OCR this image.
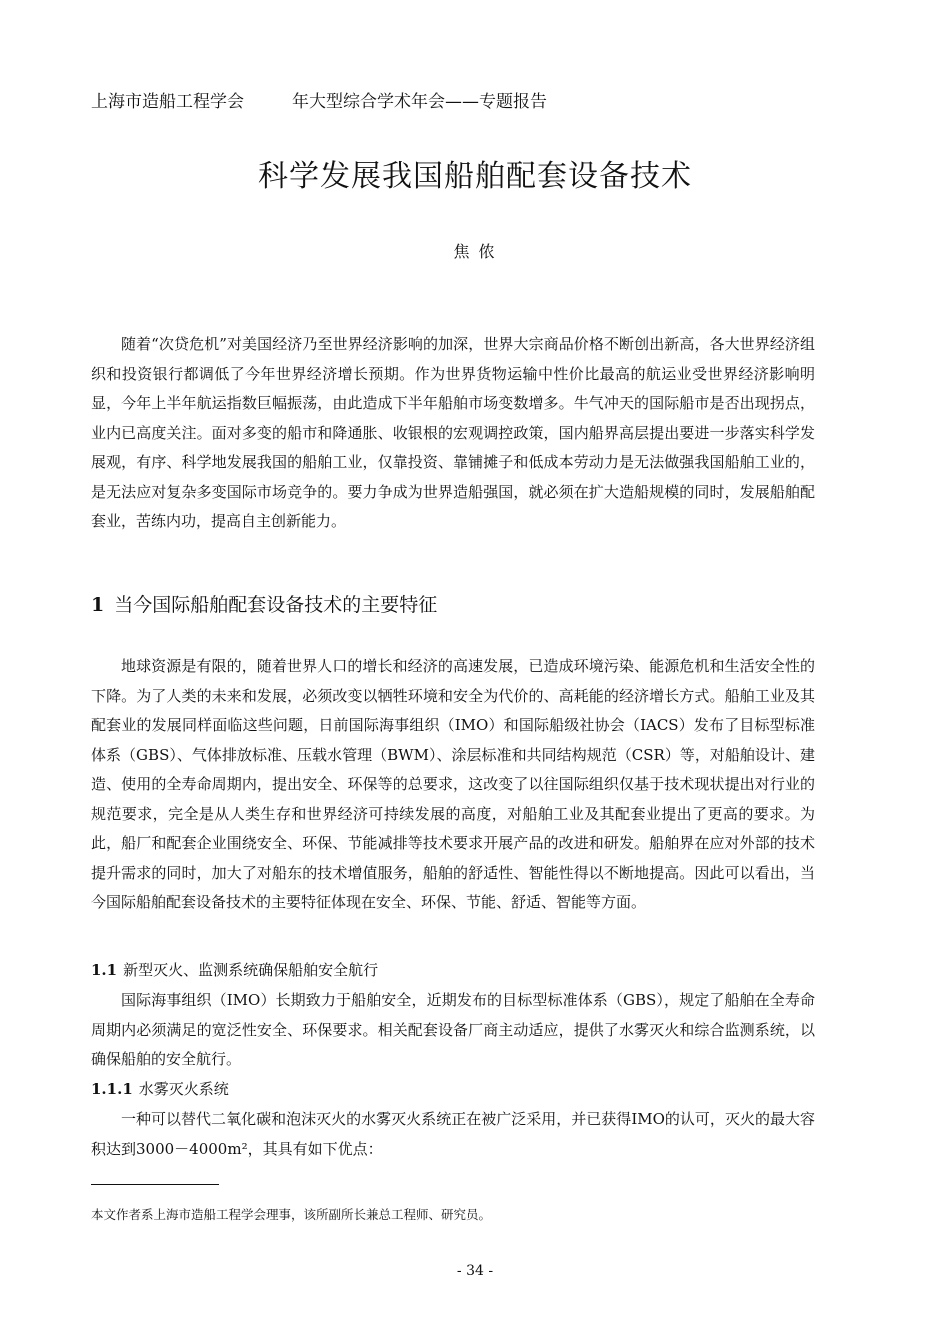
上海市造船工程学会	年大型综合学术年会——专题报告
科学发展我国船舶配套设备技术
焦 侬

随着“次贷危机”对美国经济乃至世界经济影响的加深，世界大宗商品价格不断创出新高，各大世界经济组织和投资银行都调低了今年世界经济增长预期。作为世界货物运输中性价比最高的航运业受世界经济影响明显，今年上半年航运指数巨幅振荡，由此造成下半年船舶市场变数增多。牛气冲天的国际船市是否出现拐点，业内已高度关注。面对多变的船市和降通胀、收银根的宏观调控政策，国内船界高层提出要进一步落实科学发展观，有序、科学地发展我国的船舶工业，仅靠投资、靠铺摊子和低成本劳动力是无法做强我国船舶工业的，是无法应对复杂多变国际市场竞争的。要力争成为世界造船强国，就必须在扩大造船规模的同时，发展船舶配套业，苦练内功，提高自主创新能力。

1 当今国际船舶配套设备技术的主要特征

地球资源是有限的，随着世界人口的增长和经济的高速发展，已造成环境污染、能源危机和生活安全性的下降。为了人类的未来和发展，必须改变以牺牲环境和安全为代价的、高耗能的经济增长方式。船舶工业及其配套业的发展同样面临这些问题，日前国际海事组织（IMO）和国际船级社协会（IACS）发布了目标型标准体系（GBS）、气体排放标准、压载水管理（BWM）、涂层标准和共同结构规范（CSR）等，对船舶设计、建造、使用的全寿命周期内，提出安全、环保等的总要求，这改变了以往国际组织仅基于技术现状提出对行业的规范要求，完全是从人类生存和世界经济可持续发展的高度，对船舶工业及其配套业提出了更高的要求。为此，船厂和配套企业围绕安全、环保、节能减排等技术要求开展产品的改进和研发。船舶界在应对外部的技术提升需求的同时，加大了对船东的技术增值服务，船舶的舒适性、智能性得以不断地提高。因此可以看出，当今国际船舶配套设备技术的主要特征体现在安全、环保、节能、舒适、智能等方面。

1.1 新型灭火、监测系统确保船舶安全航行

国际海事组织（IMO）长期致力于船舶安全，近期发布的目标型标准体系（GBS），规定了船舶在全寿命周期内必须满足的宽泛性安全、环保要求。相关配套设备厂商主动适应，提供了水雾灭火和综合监测系统，以确保船舶的安全航行。

1.1.1 水雾灭火系统

一种可以替代二氧化碳和泡沫灭火的水雾灭火系统正在被广泛采用，并已获得IMO的认可，灭火的最大容积达到3000－4000m²，其具有如下优点：

本文作者系上海市造船工程学会理事，该所副所长兼总工程师、研究员。
- 34 -
